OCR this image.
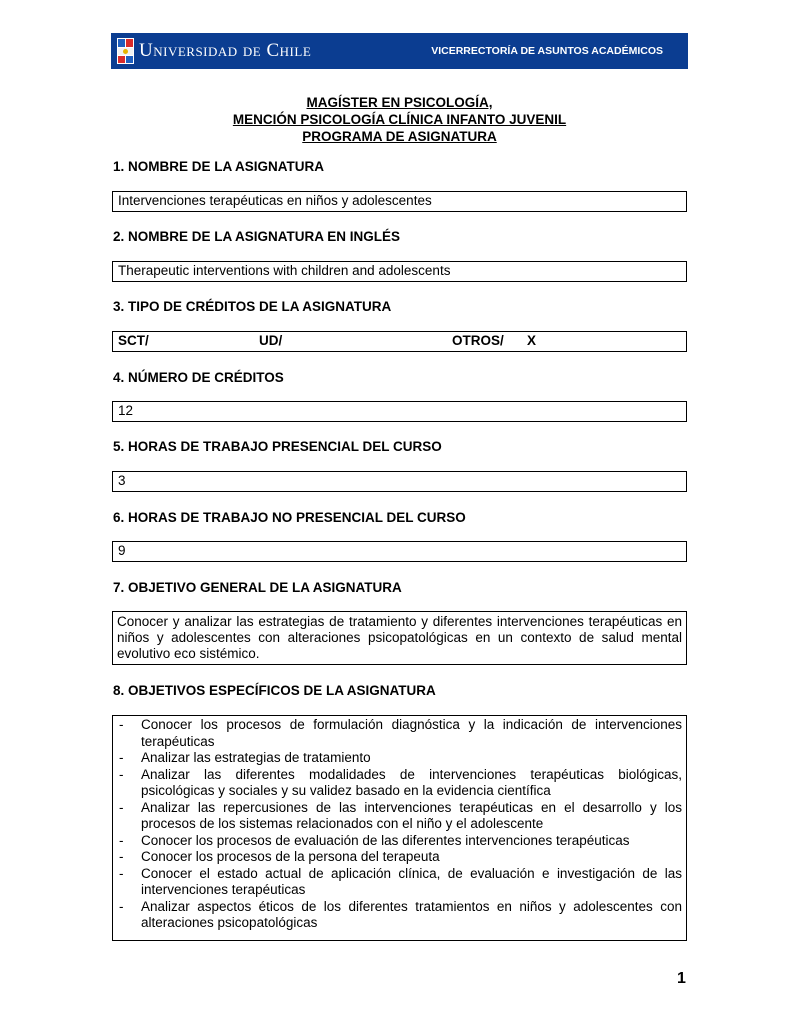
Universidad de Chile	VICERRECTORÍA DE ASUNTOS ACADÉMICOS
MAGÍSTER EN PSICOLOGÍA,
MENCIÓN PSICOLOGÍA CLÍNICA INFANTO JUVENIL
PROGRAMA DE ASIGNATURA
1. NOMBRE DE LA ASIGNATURA
Intervenciones terapéuticas en niños y adolescentes
2. NOMBRE DE LA ASIGNATURA EN INGLÉS
Therapeutic interventions with children and adolescents
3. TIPO DE CRÉDITOS DE LA ASIGNATURA
SCT/	UD/	OTROS/ X
4. NÚMERO DE CRÉDITOS
12
5. HORAS DE TRABAJO PRESENCIAL DEL CURSO
3
6. HORAS DE TRABAJO NO PRESENCIAL DEL CURSO
9
7. OBJETIVO GENERAL DE LA ASIGNATURA
Conocer y analizar las estrategias de tratamiento y diferentes intervenciones terapéuticas en niños y adolescentes con alteraciones psicopatológicas en un contexto de salud mental evolutivo eco sistémico.
8. OBJETIVOS ESPECÍFICOS DE LA ASIGNATURA
- Conocer los procesos de formulación diagnóstica y la indicación de intervenciones terapéuticas
- Analizar las estrategias de tratamiento
- Analizar las diferentes modalidades de intervenciones terapéuticas biológicas, psicológicas y sociales y su validez basado en la evidencia científica
- Analizar las repercusiones de las intervenciones terapéuticas en el desarrollo y los procesos de los sistemas relacionados con el niño y el adolescente
- Conocer los procesos de evaluación de las diferentes intervenciones terapéuticas
- Conocer los procesos de la persona del terapeuta
- Conocer el estado actual de aplicación clínica, de evaluación e investigación de las intervenciones terapéuticas
- Analizar aspectos éticos de los diferentes tratamientos en niños y adolescentes con alteraciones psicopatológicas
1
